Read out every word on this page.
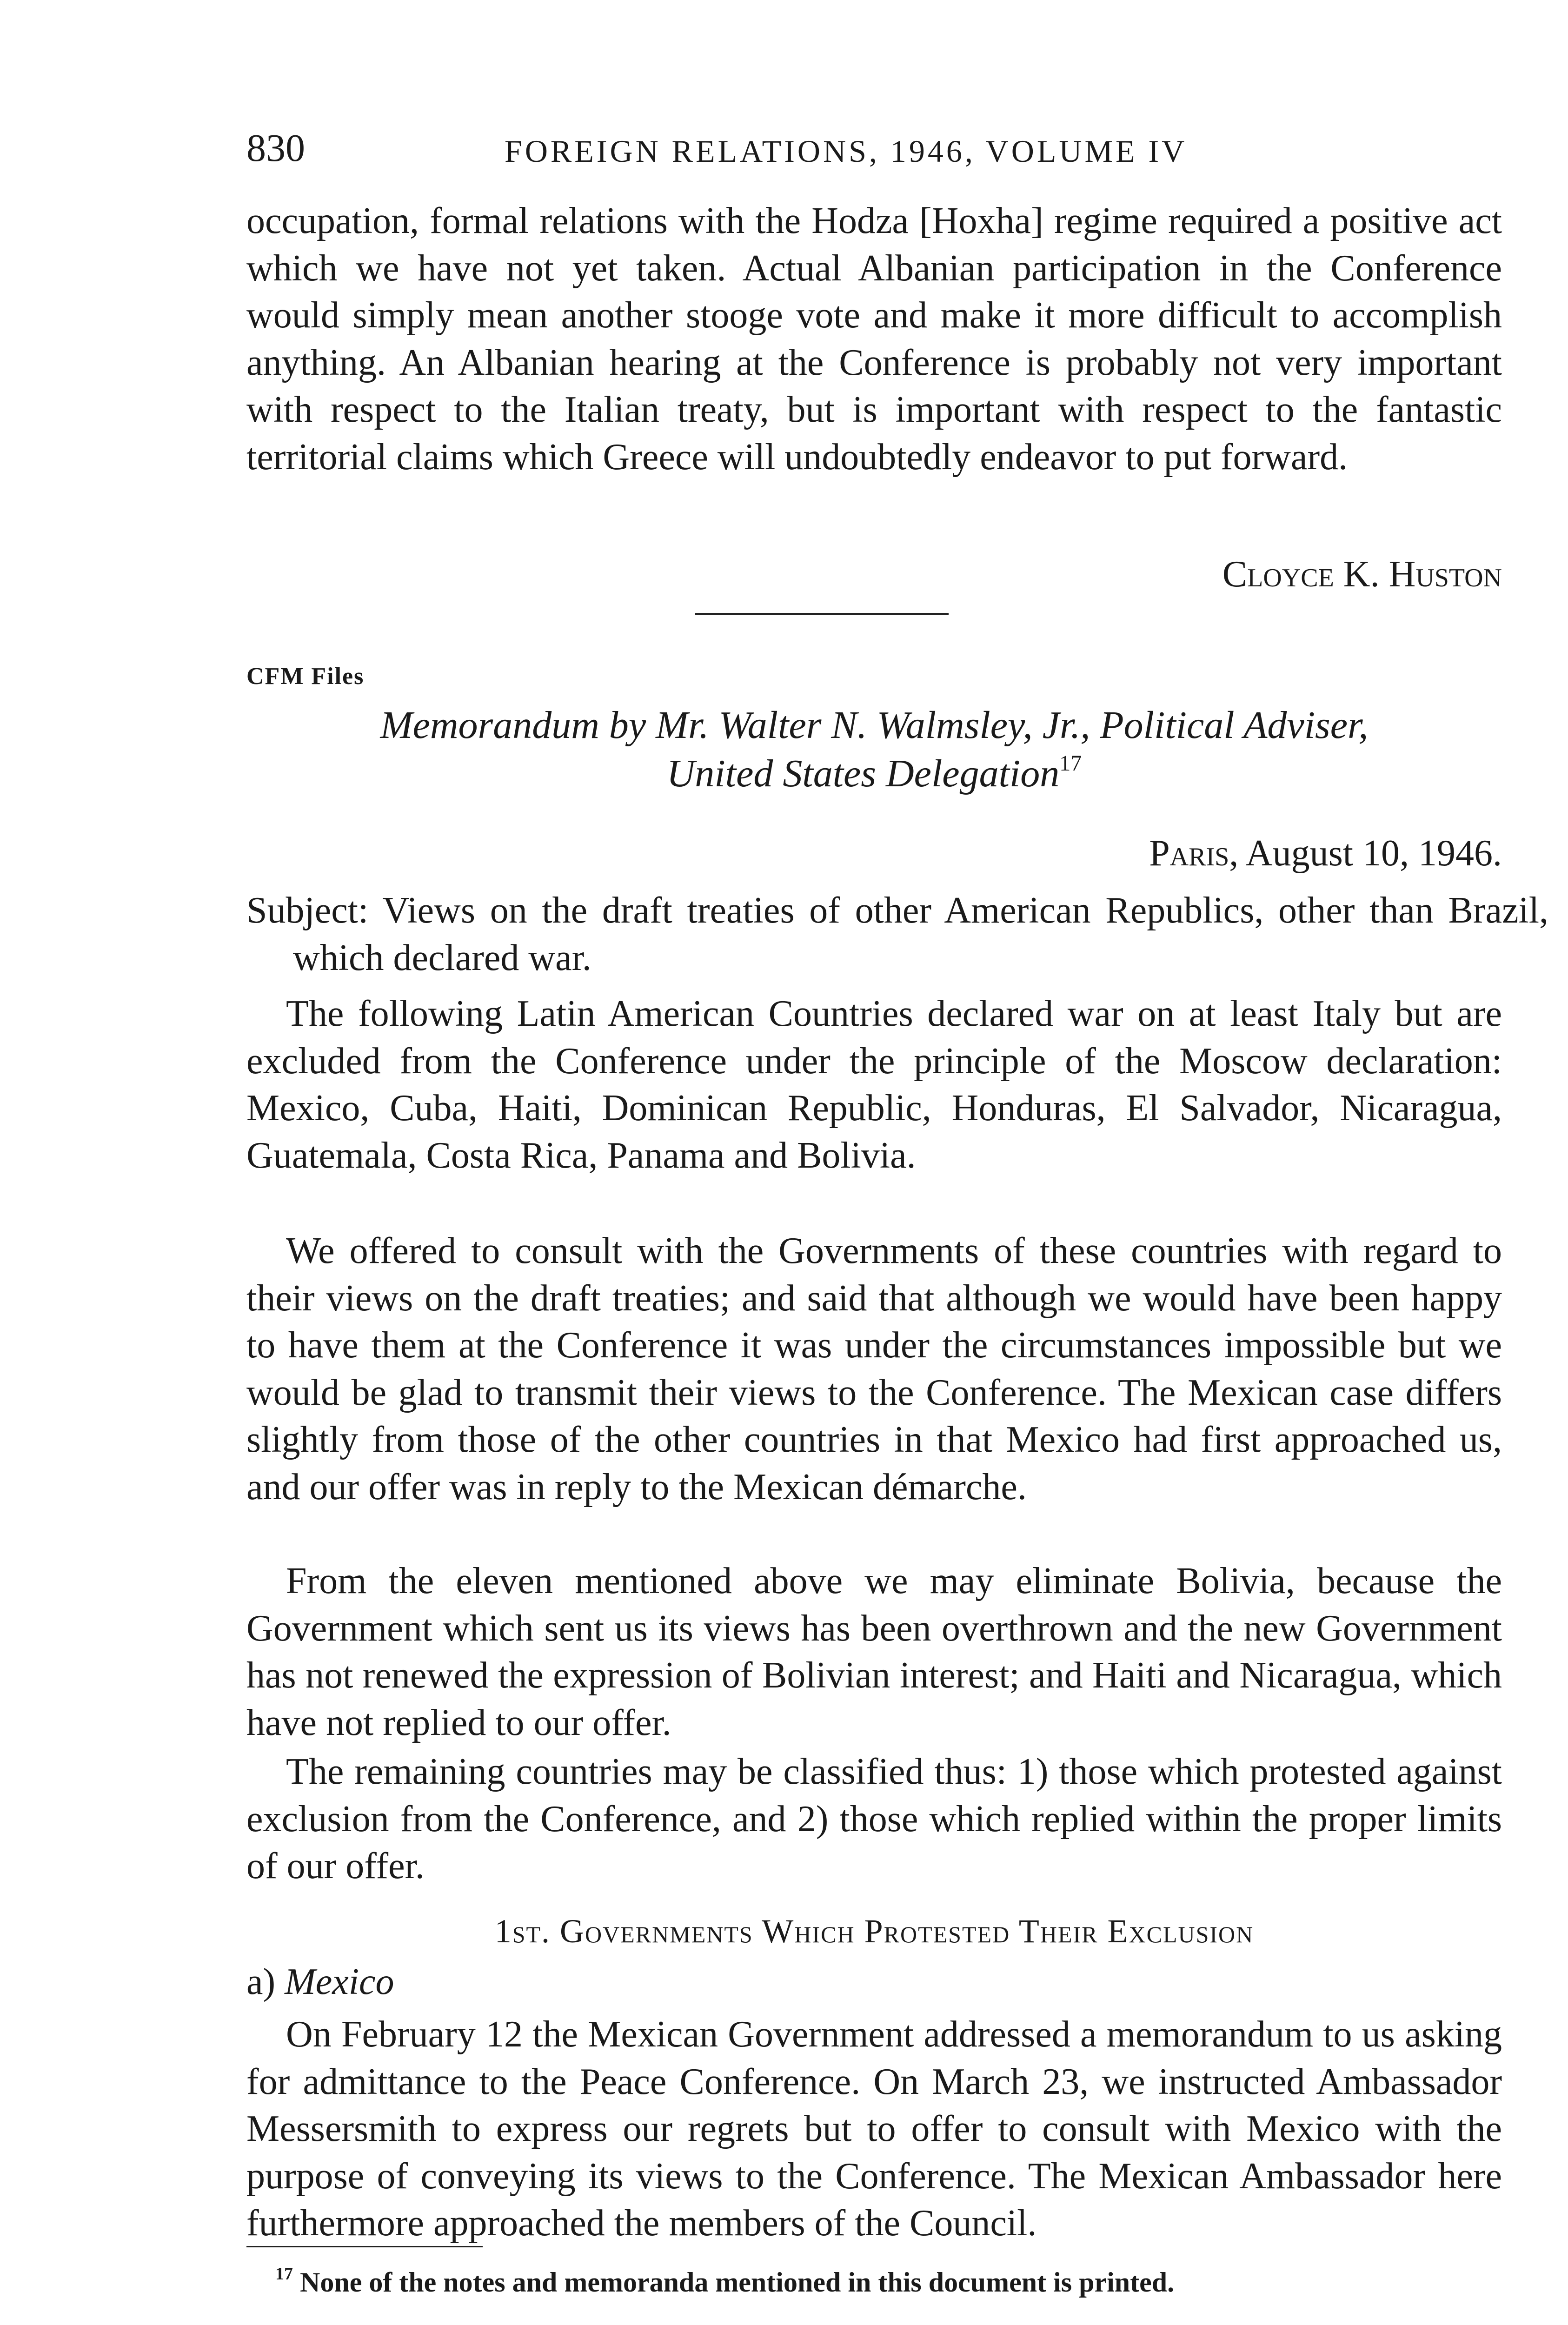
830	FOREIGN RELATIONS, 1946, VOLUME IV

occupation, formal relations with the Hodza [Hoxha] regime required a positive act which we have not yet taken. Actual Albanian participation in the Conference would simply mean another stooge vote and make it more difficult to accomplish anything. An Albanian hearing at the Conference is probably not very important with respect to the Italian treaty, but is important with respect to the fantastic territorial claims which Greece will undoubtedly endeavor to put forward.

Cloyce K. Huston
CFM Files
Memorandum by Mr. Walter N. Walmsley, Jr., Political Adviser,
United States Delegation$^{17}$
Paris, August 10, 1946.

Subject: Views on the draft treaties of other American Republics, other than Brazil, which declared war.

The following Latin American Countries declared war on at least Italy but are excluded from the Conference under the principle of the Moscow declaration: Mexico, Cuba, Haiti, Dominican Republic, Honduras, El Salvador, Nicaragua, Guatemala, Costa Rica, Panama and Bolivia.

We offered to consult with the Governments of these countries with regard to their views on the draft treaties; and said that although we would have been happy to have them at the Conference it was under the circumstances impossible but we would be glad to transmit their views to the Conference. The Mexican case differs slightly from those of the other countries in that Mexico had first approached us, and our offer was in reply to the Mexican démarche.

From the eleven mentioned above we may eliminate Bolivia, because the Government which sent us its views has been overthrown and the new Government has not renewed the expression of Bolivian interest; and Haiti and Nicaragua, which have not replied to our offer.

The remaining countries may be classified thus: 1) those which protested against exclusion from the Conference, and 2) those which replied within the proper limits of our offer.

1st. Governments Which Protested Their Exclusion
a) Mexico

On February 12 the Mexican Government addressed a memorandum to us asking for admittance to the Peace Conference. On March 23, we instructed Ambassador Messersmith to express our regrets but to offer to consult with Mexico with the purpose of conveying its views to the Conference. The Mexican Ambassador here furthermore approached the members of the Council.

$^{17}$ None of the notes and memoranda mentioned in this document is printed.
